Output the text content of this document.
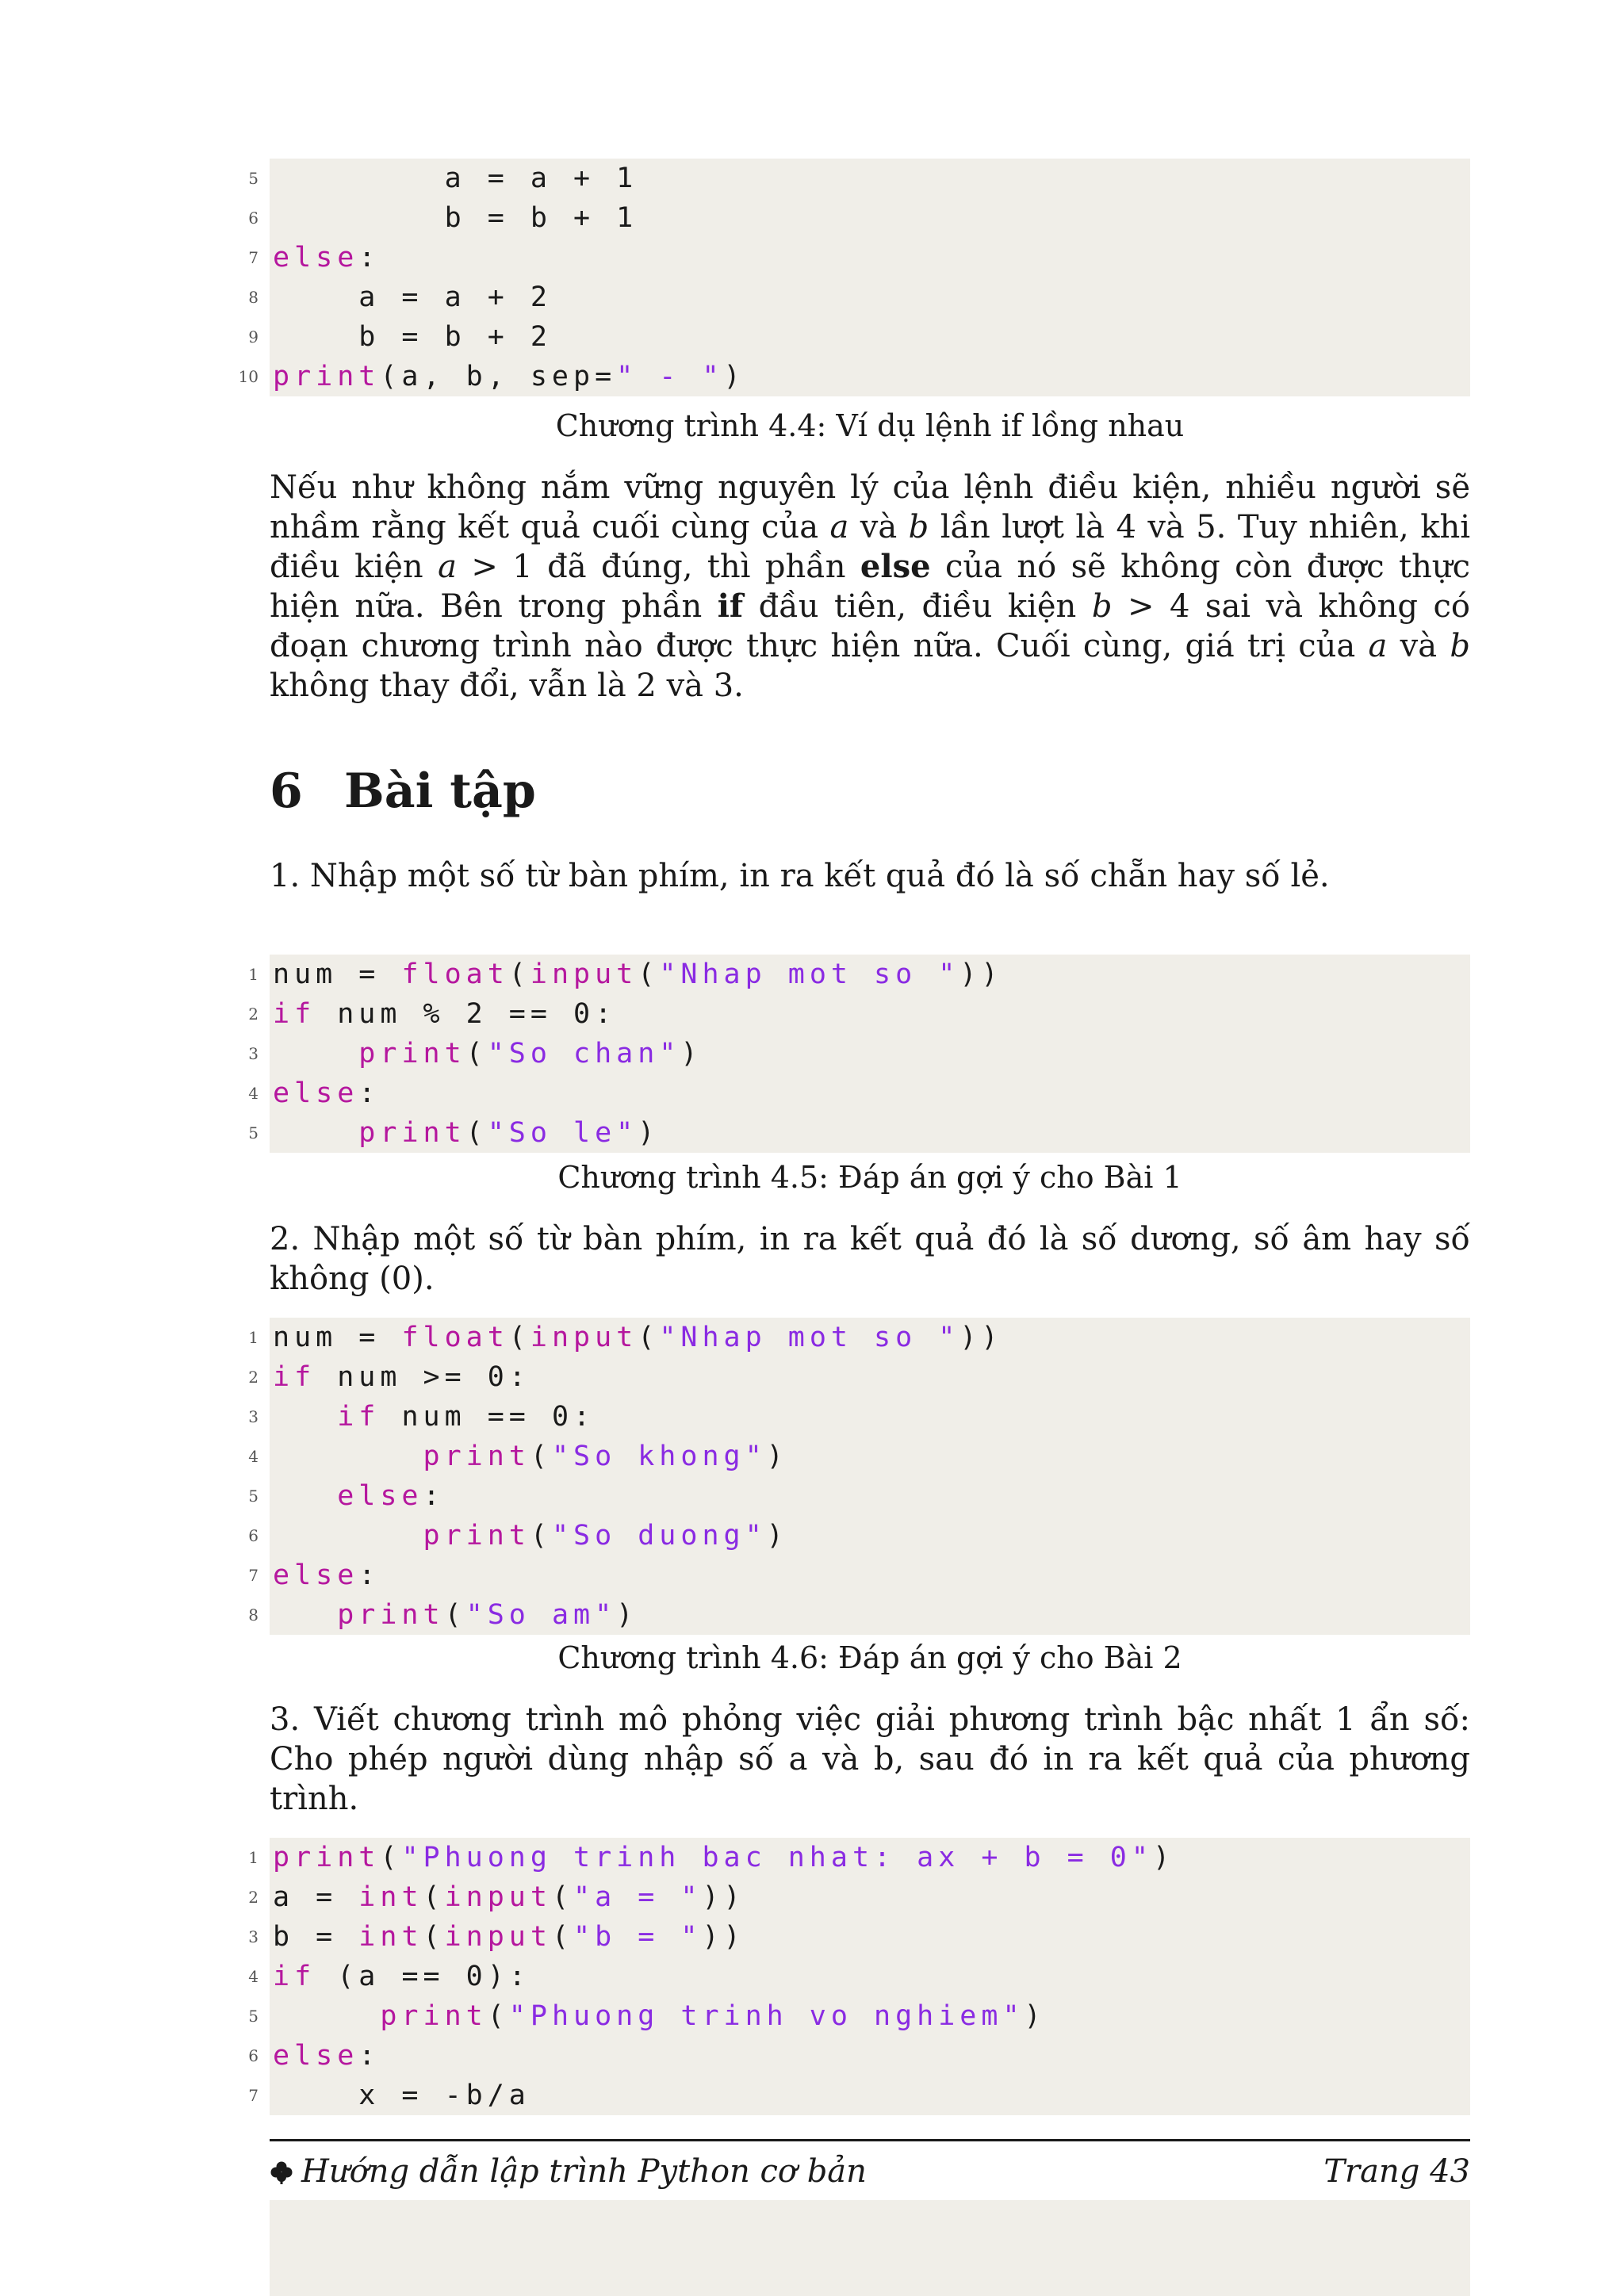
5 a = a + 1
6 b = b + 1
7 else:
8 a = a + 2
9 b = b + 2
10 print(a, b, sep=" - ")
Chương trình 4.4: Ví dụ lệnh if lồng nhau

Nếu như không nắm vững nguyên lý của lệnh điều kiện, nhiều người sẽ nhầm rằng kết quả cuối cùng của a và b lần lượt là 4 và 5. Tuy nhiên, khi điều kiện a > 1 đã đúng, thì phần else của nó sẽ không còn được thực hiện nữa. Bên trong phần if đầu tiên, điều kiện b > 4 sai và không có đoạn chương trình nào được thực hiện nữa. Cuối cùng, giá trị của a và b không thay đổi, vẫn là 2 và 3.

6 Bài tập

1. Nhập một số từ bàn phím, in ra kết quả đó là số chẵn hay số lẻ.

1 num = float(input("Nhap mot so "))
2 if num % 2 == 0:
3	print("So chan")
4 else:
5	print("So le")
Chương trình 4.5: Đáp án gợi ý cho Bài 1

2. Nhập một số từ bàn phím, in ra kết quả đó là số dương, số âm hay số không (0).

1 num = float(input("Nhap mot so "))
2 if num >= 0:
3	if num == 0:
4	print("So khong")
5	else:
6	print("So duong")
7 else:
8	print("So am")
Chương trình 4.6: Đáp án gợi ý cho Bài 2

3. Viết chương trình mô phỏng việc giải phương trình bậc nhất 1 ẩn số: Cho phép người dùng nhập số a và b, sau đó in ra kết quả của phương trình.

1 print("Phuong trinh bac nhat: ax + b = 0")
2 a = int(input("a = "))
3 b = int(input("b = "))
4 if (a == 0):
5	print("Phuong trinh vo nghiem")
6 else:
7 x = -b/a
Hướng dẫn lập trình Python cơ bản	Trang 43
